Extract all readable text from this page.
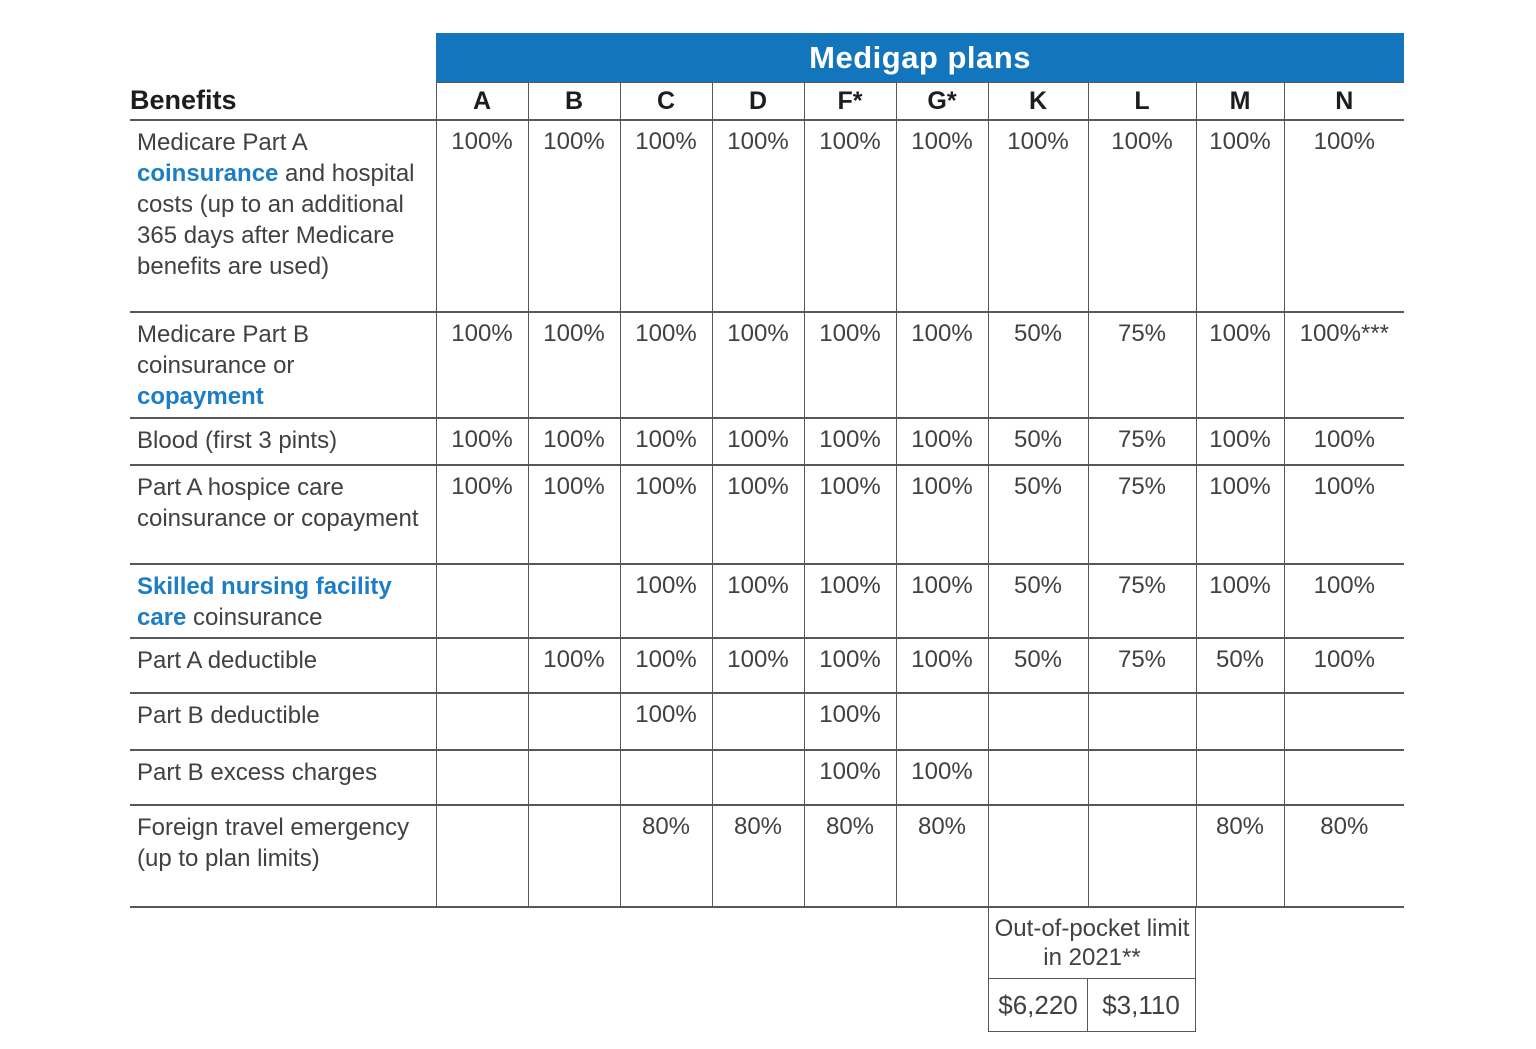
	Medigap plans									
Benefits	A	B	C	D	F*	G*	K	L	M	N
Medicare Part A coinsurance and hospital costs (up to an additional 365 days after Medicare benefits are used)	100%	100%	100%	100%	100%	100%	100%	100%	100%	100%
Medicare Part B coinsurance or copayment	100%	100%	100%	100%	100%	100%	50%	75%	100%	100%***
Blood (first 3 pints)	100%	100%	100%	100%	100%	100%	50%	75%	100%	100%
Part A hospice care coinsurance or copayment	100%	100%	100%	100%	100%	100%	50%	75%	100%	100%
Skilled nursing facility care coinsurance			100%	100%	100%	100%	50%	75%	100%	100%
Part A deductible		100%	100%	100%	100%	100%	50%	75%	50%	100%
Part B deductible			100%		100%					
Part B excess charges					100%	100%				
Foreign travel emergency (up to plan limits)			80%	80%	80%	80%			80%	80%
Out-of-pocket limit in 2021**
$6,220 $3,110
